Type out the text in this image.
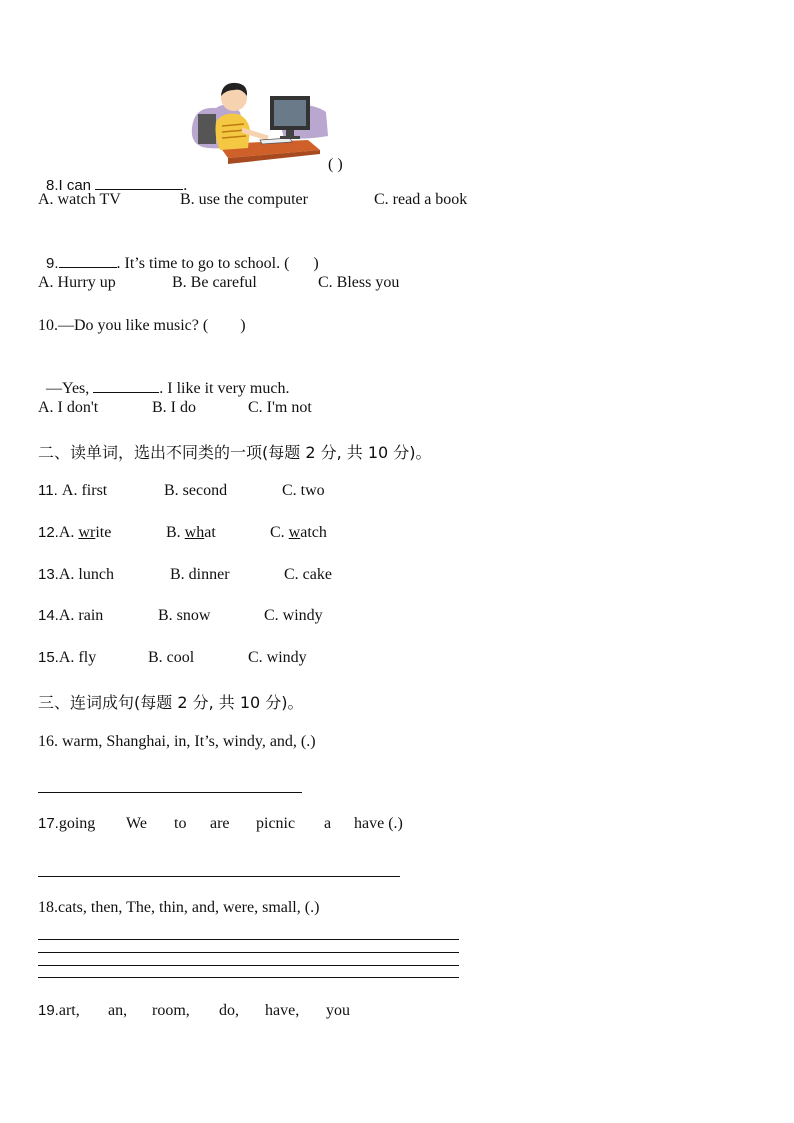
8.I can	.

( )
A. watch TV	B. use the computer	C. read a book

9.	. It’s time to go to school. (      )

A. Hurry up	B. Be careful	C. Bless you
10.—Do you like music? (        )

—Yes,	. I like it very much.

A. I don't	B. I do	C. I'm not
二、读单词，选出不同类的一项(每题 2 分, 共 10 分)。
11. A. first	B. second	C. two
12.A. write	B. what	C. watch
13.A. lunch	B. dinner	C. cake
14.A. rain	B. snow	C. windy
15.A. fly	B. cool	C. windy
三、连词成句(每题 2 分, 共 10 分)。
16. warm, Shanghai, in, It’s, windy, and, (.)
17.going We to are picnic a have (.)
18.cats, then, The, thin, and, were, small, (.)
19.art, an, room, do, have, you
